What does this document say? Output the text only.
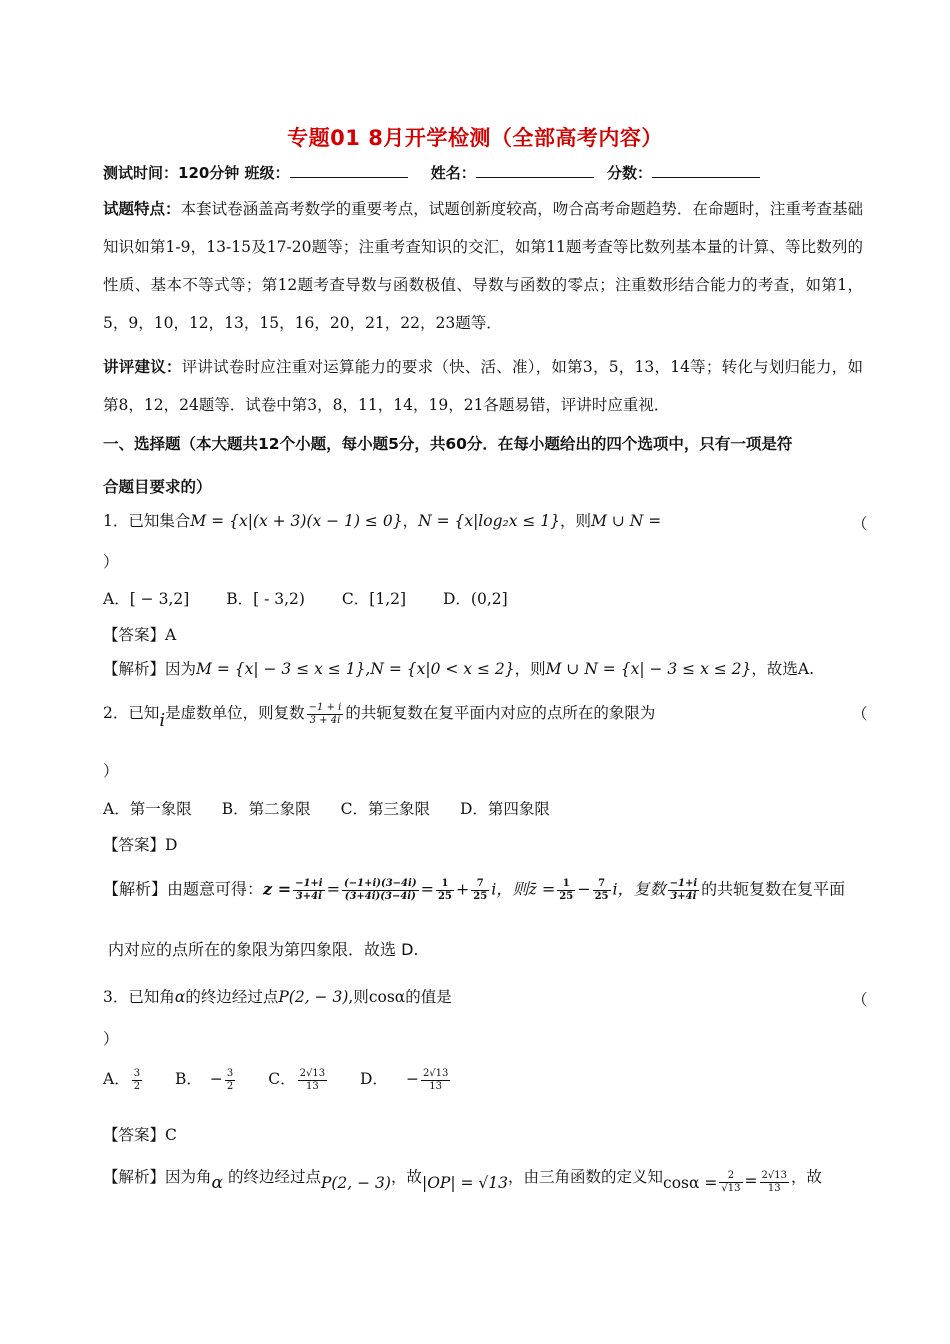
专题01 8月开学检测（全部高考内容）
测试时间：120分钟 班级：	姓名：	分数：
试题特点：本套试卷涵盖高考数学的重要考点，试题创新度较高，吻合高考命题趋势．在命题时，注重考查基础知识如第1-9，13-15及17-20题等；注重考查知识的交汇，如第11题考查等比数列基本量的计算、等比数列的性质、基本不等式等；第12题考查导数与函数极值、导数与函数的零点；注重数形结合能力的考查，如第1，5，9，10，12，13，15，16，20，21，22，23题等．
讲评建议：评讲试卷时应注重对运算能力的要求（快、活、准），如第3，5，13，14等；转化与划归能力，如第8，12，24题等．试卷中第3，8，11，14，19，21各题易错，评讲时应重视．
一、选择题（本大题共12个小题，每小题5分，共60分．在每小题给出的四个选项中，只有一项是符
合题目要求的）
1．已知集合M = {x|(x + 3)(x − 1) ≤ 0}，N = {x|log₂x ≤ 1}，则M ∪ N =	（
）
A．[ − 3,2] B．[ - 3,2) C．[1,2] D．(0,2]
【答案】A
【解析】因为M = {x| − 3 ≤ x ≤ 1},N = {x|0 < x ≤ 2}，则M ∪ N = {x| − 3 ≤ x ≤ 2}，故选A.
2．已知i是虚数单位，则复数 $\frac{-1 + i}{3 + 4i}$ 的共轭复数在复平面内对应的点所在的象限为	（
）
A．第一象限 B．第二象限 C．第三象限 D．第四象限
【答案】D
【解析】由题意可得：$z = \frac{-1+i}{3+4i} = \frac{(-1+i)(3-4i)}{(3+4i)(3-4i)} = \frac{1}{25} + \frac{7}{25}$ i，则z̄ = $\frac{1}{25} - \frac{7}{25}$ i，复数 $\frac{-1+i}{3+4i}$ 的共轭复数在复平面
内对应的点所在的象限为第四象限．故选 D.
3．已知角α的终边经过点P(2, − 3),则cosα的值是	（
）
A． $\frac{3}{2}$ B． − $\frac{3}{2}$ C． $\frac{2√13}{13}$ D． − $\frac{2√13}{13}$
【答案】C
【解析】因为角α 的终边经过点P(2, − 3)，故|OP| = √13，由三角函数的定义知$\cos\alpha = \frac{2}{√13} = \frac{2√13}{13}$ ，故
